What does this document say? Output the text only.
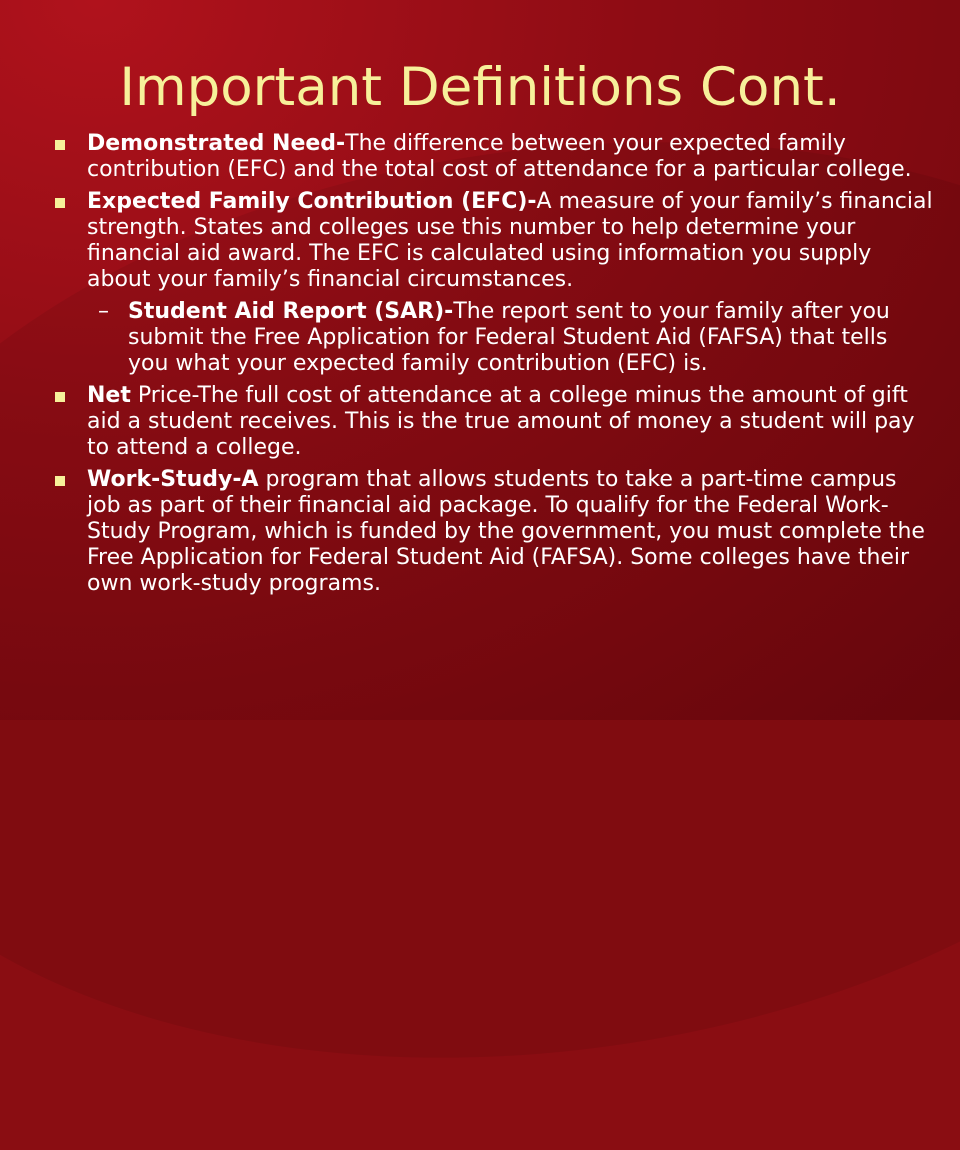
Important Definitions Cont.
Demonstrated Need-The difference between your expected family contribution (EFC) and the total cost of attendance for a particular college.
Expected Family Contribution (EFC)-A measure of your family’s financial strength. States and colleges use this number to help determine your financial aid award. The EFC is calculated using information you supply about your family’s financial circumstances.
– Student Aid Report (SAR)-The report sent to your family after you submit the Free Application for Federal Student Aid (FAFSA) that tells you what your expected family contribution (EFC) is.
Net Price-The full cost of attendance at a college minus the amount of gift aid a student receives. This is the true amount of money a student will pay to attend a college.
Work-Study-A program that allows students to take a part-time campus job as part of their financial aid package. To qualify for the Federal Work-Study Program, which is funded by the government, you must complete the Free Application for Federal Student Aid (FAFSA). Some colleges have their own work-study programs.
